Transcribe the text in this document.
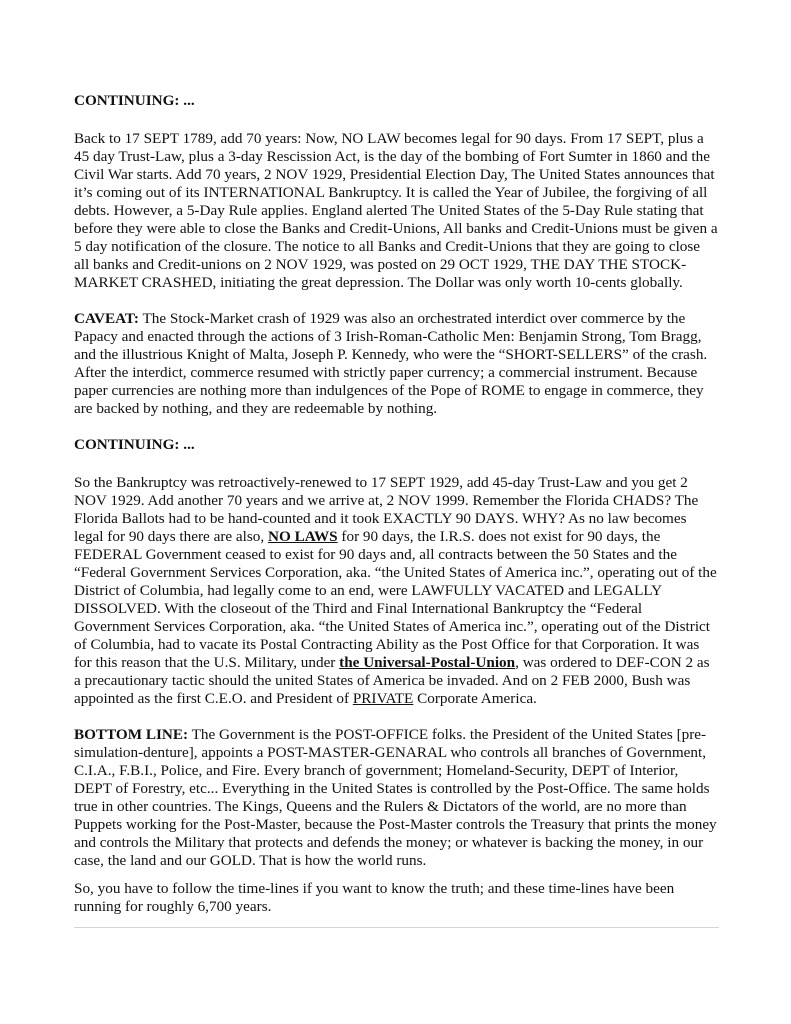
CONTINUING: ...

Back to 17 SEPT 1789, add 70 years: Now, NO LAW becomes legal for 90 days. From 17 SEPT, plus a 45 day Trust-Law, plus a 3-day Rescission Act, is the day of the bombing of Fort Sumter in 1860 and the Civil War starts. Add 70 years, 2 NOV 1929, Presidential Election Day, The United States announces that it’s coming out of its INTERNATIONAL Bankruptcy. It is called the Year of Jubilee, the forgiving of all debts. However, a 5-Day Rule applies. England alerted The United States of the 5-Day Rule stating that before they were able to close the Banks and Credit-Unions, All banks and Credit-Unions must be given a 5 day notification of the closure. The notice to all Banks and Credit-Unions that they are going to close all banks and Credit-unions on 2 NOV 1929, was posted on 29 OCT 1929, THE DAY THE STOCK-MARKET CRASHED, initiating the great depression. The Dollar was only worth 10-cents globally.

CAVEAT: The Stock-Market crash of 1929 was also an orchestrated interdict over commerce by the Papacy and enacted through the actions of 3 Irish-Roman-Catholic Men: Benjamin Strong, Tom Bragg, and the illustrious Knight of Malta, Joseph P. Kennedy, who were the “SHORT-SELLERS” of the crash. After the interdict, commerce resumed with strictly paper currency; a commercial instrument. Because paper currencies are nothing more than indulgences of the Pope of ROME to engage in commerce, they are backed by nothing, and they are redeemable by nothing.

CONTINUING: ...

So the Bankruptcy was retroactively-renewed to 17 SEPT 1929, add 45-day Trust-Law and you get 2 NOV 1929. Add another 70 years and we arrive at, 2 NOV 1999. Remember the Florida CHADS? The Florida Ballots had to be hand-counted and it took EXACTLY 90 DAYS. WHY? As no law becomes legal for 90 days there are also, NO LAWS for 90 days, the I.R.S. does not exist for 90 days, the FEDERAL Government ceased to exist for 90 days and, all contracts between the 50 States and the “Federal Government Services Corporation, aka. “the United States of America inc.”, operating out of the District of Columbia, had legally come to an end, were LAWFULLY VACATED and LEGALLY DISSOLVED. With the closeout of the Third and Final International Bankruptcy the “Federal Government Services Corporation, aka. “the United States of America inc.”, operating out of the District of Columbia, had to vacate its Postal Contracting Ability as the Post Office for that Corporation. It was for this reason that the U.S. Military, under the Universal-Postal-Union, was ordered to DEF-CON 2 as a precautionary tactic should the united States of America be invaded. And on 2 FEB 2000, Bush was appointed as the first C.E.O. and President of PRIVATE Corporate America.

BOTTOM LINE: The Government is the POST-OFFICE folks. the President of the United States [pre-simulation-denture], appoints a POST-MASTER-GENARAL who controls all branches of Government, C.I.A., F.B.I., Police, and Fire. Every branch of government; Homeland-Security, DEPT of Interior, DEPT of Forestry, etc... Everything in the United States is controlled by the Post-Office. The same holds true in other countries. The Kings, Queens and the Rulers & Dictators of the world, are no more than Puppets working for the Post-Master, because the Post-Master controls the Treasury that prints the money and controls the Military that protects and defends the money; or whatever is backing the money, in our case, the land and our GOLD. That is how the world runs.

So, you have to follow the time-lines if you want to know the truth; and these time-lines have been running for roughly 6,700 years.
